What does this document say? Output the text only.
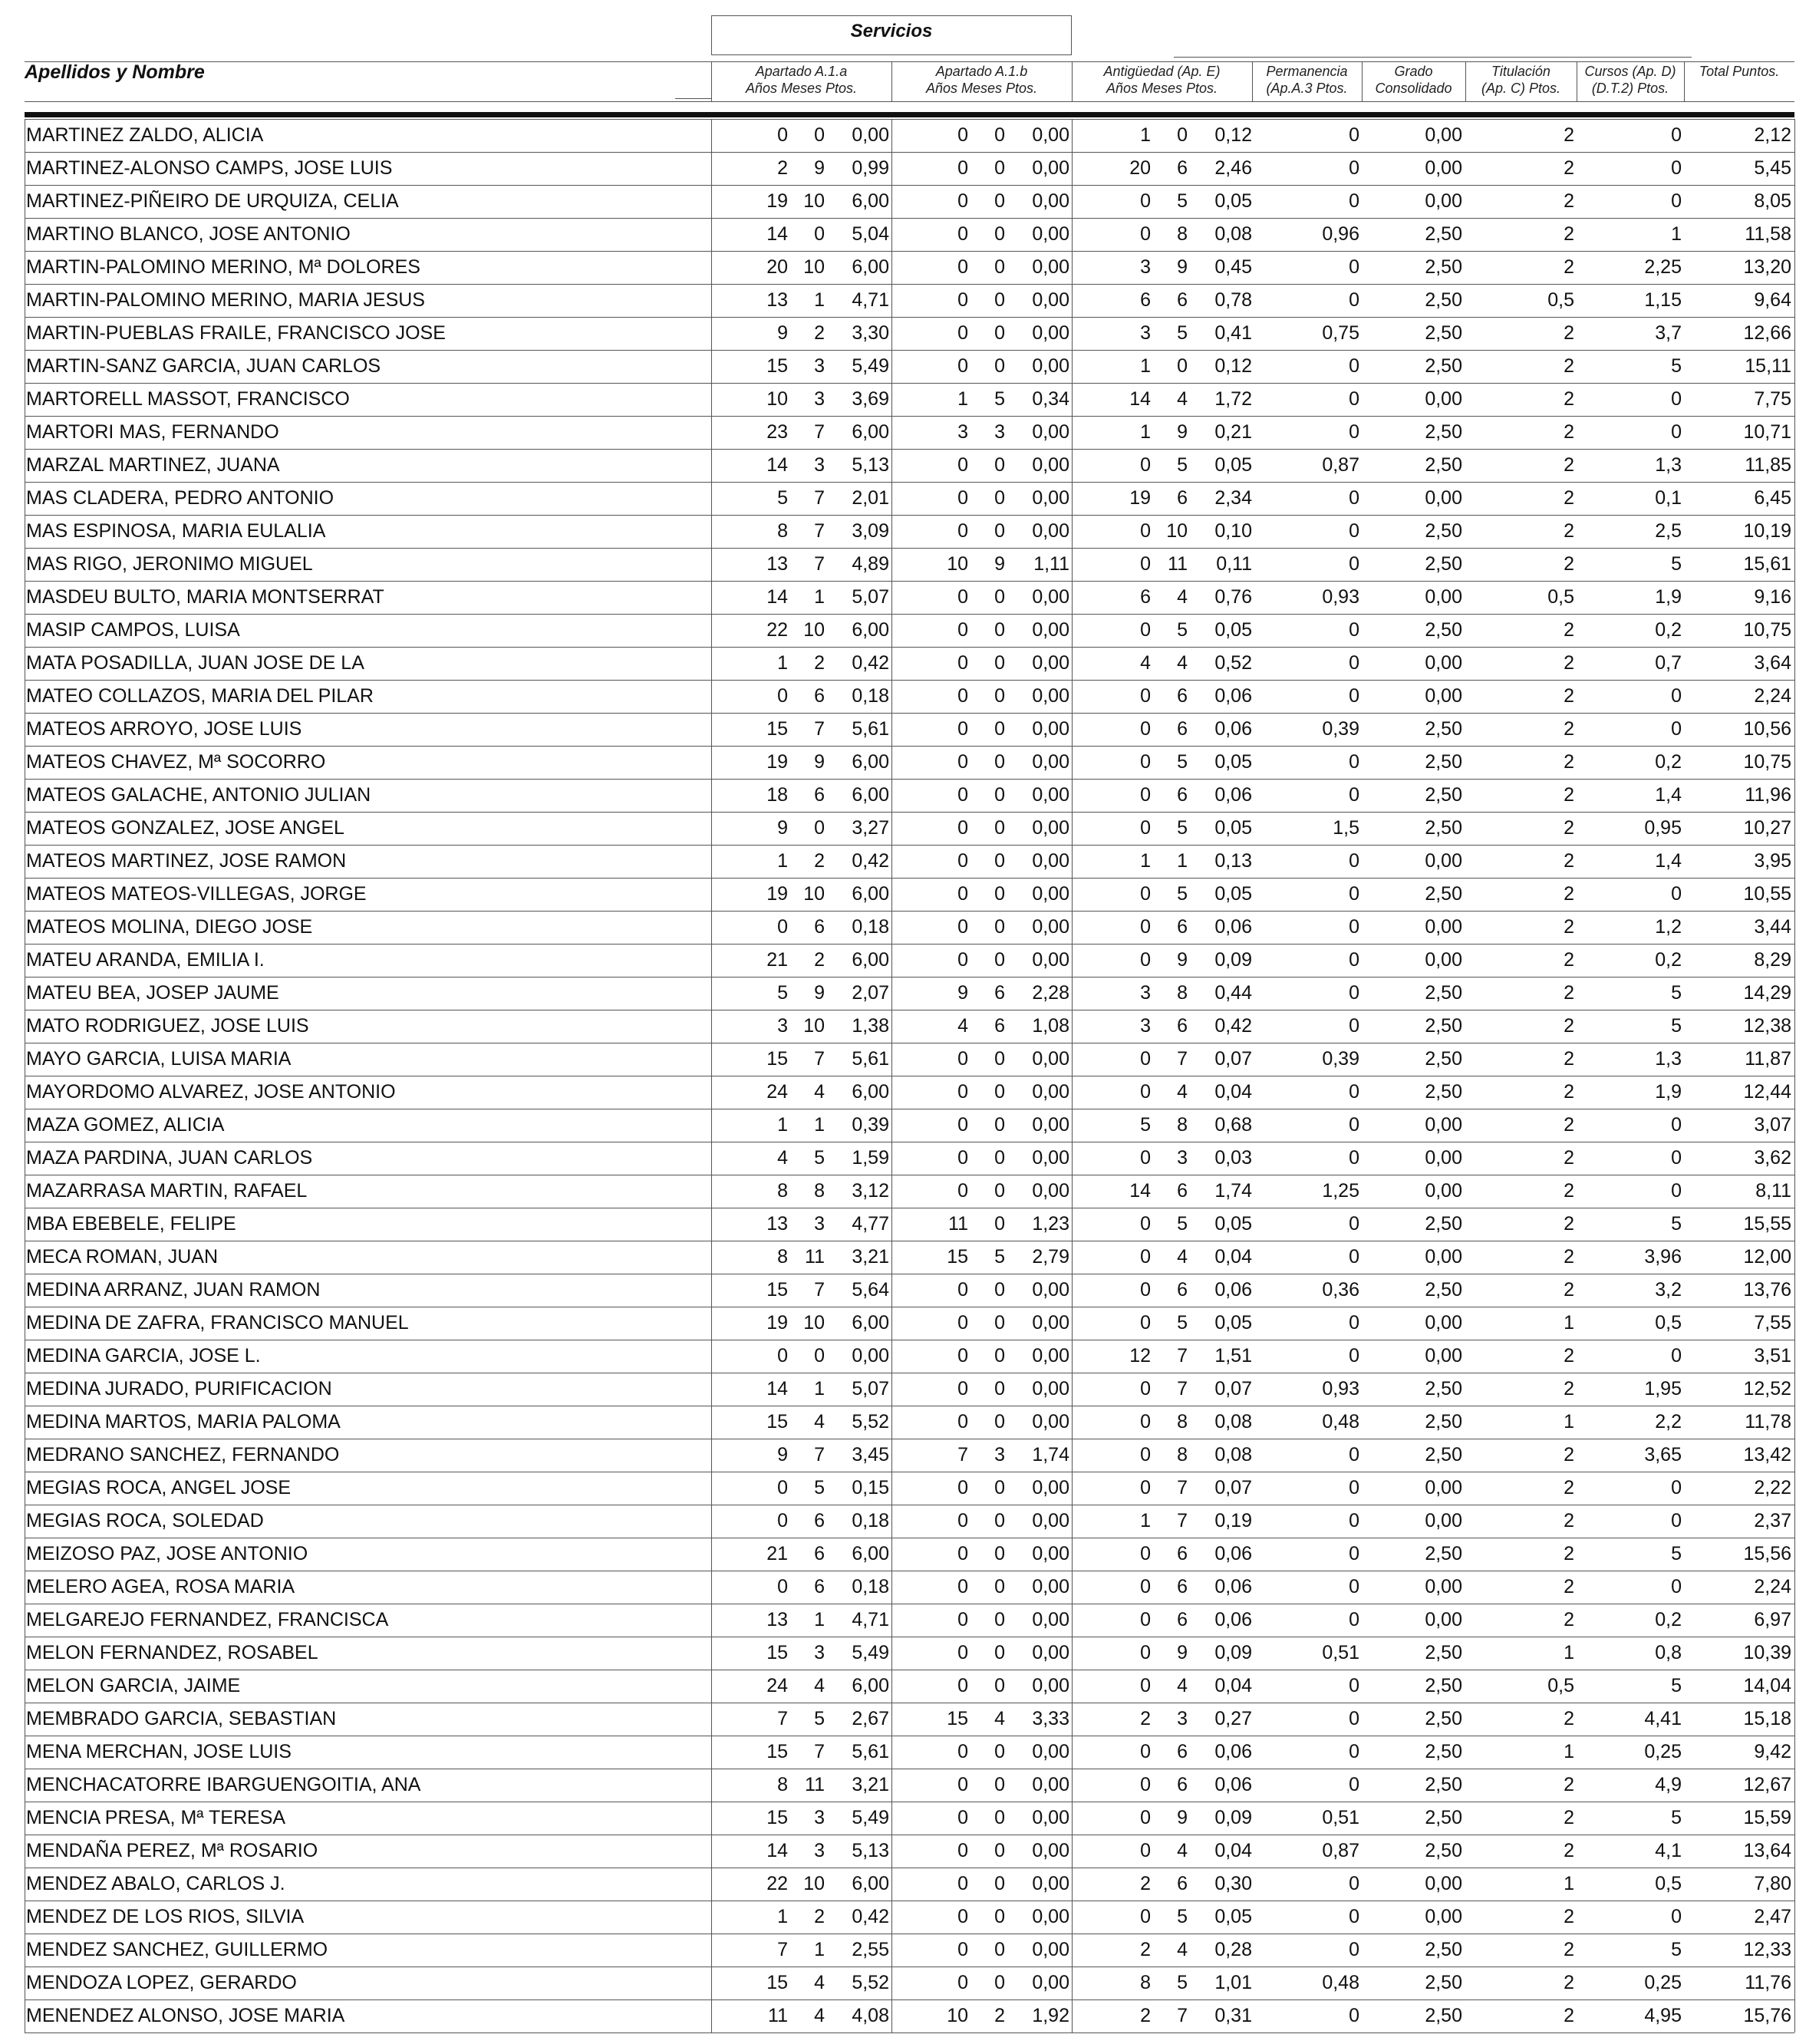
Apellidos y Nombre
Servicios
Apartado A.1.a
Años Meses Ptos.
Apartado A.1.b
Años Meses Ptos.
Antigüedad (Ap. E)
Años Meses Ptos.
Permanencia
(Ap.A.3 Ptos.
Grado
Consolidado
Titulación
(Ap. C) Ptos.
Cursos (Ap. D)
(D.T.2) Ptos.
Total Puntos.

MARTINEZ ZALDO, ALICIA	0	0	0,00	0	0	0,00	1	0	0,12	0	0,00	2	0	2,12
MARTINEZ-ALONSO CAMPS, JOSE LUIS	2	9	0,99	0	0	0,00	20	6	2,46	0	0,00	2	0	5,45
MARTINEZ-PIÑEIRO DE URQUIZA, CELIA	19 10	6,00	0	0	0,00	0	5	0,05	0	0,00	2	0	8,05
MARTINO BLANCO, JOSE ANTONIO	14	0	5,04	0	0	0,00	0	8	0,08	0,96	2,50	2	1	11,58
MARTIN-PALOMINO MERINO, Mª DOLORES	20 10	6,00	0	0	0,00	3	9	0,45	0	2,50	2	2,25	13,20
MARTIN-PALOMINO MERINO, MARIA JESUS	13	1	4,71	0	0	0,00	6	6	0,78	0	2,50	0,5	1,15	9,64
MARTIN-PUEBLAS FRAILE, FRANCISCO JOSE	9	2	3,30	0	0	0,00	3	5	0,41	0,75	2,50	2	3,7	12,66
MARTIN-SANZ GARCIA, JUAN CARLOS	15	3	5,49	0	0	0,00	1	0	0,12	0	2,50	2	5	15,11
MARTORELL MASSOT, FRANCISCO	10	3	3,69	1	5	0,34	14	4	1,72	0	0,00	2	0	7,75
MARTORI MAS, FERNANDO	23	7	6,00	3	3	0,00	1	9	0,21	0	2,50	2	0	10,71
MARZAL MARTINEZ, JUANA	14	3	5,13	0	0	0,00	0	5	0,05	0,87	2,50	2	1,3	11,85
MAS CLADERA, PEDRO ANTONIO	5	7	2,01	0	0	0,00	19	6	2,34	0	0,00	2	0,1	6,45
MAS ESPINOSA, MARIA EULALIA	8	7	3,09	0	0	0,00	0 10	0,10	0	2,50	2	2,5	10,19
MAS RIGO, JERONIMO MIGUEL	13	7	4,89	10	9	1,11	0 11	0,11	0	2,50	2	5	15,61
MASDEU BULTO, MARIA MONTSERRAT	14	1	5,07	0	0	0,00	6	4	0,76	0,93	0,00	0,5	1,9	9,16
MASIP CAMPOS, LUISA	22 10	6,00	0	0	0,00	0	5	0,05	0	2,50	2	0,2	10,75
MATA POSADILLA, JUAN JOSE DE LA	1	2	0,42	0	0	0,00	4	4	0,52	0	0,00	2	0,7	3,64
MATEO COLLAZOS, MARIA DEL PILAR	0	6	0,18	0	0	0,00	0	6	0,06	0	0,00	2	0	2,24
MATEOS ARROYO, JOSE LUIS	15	7	5,61	0	0	0,00	0	6	0,06	0,39	2,50	2	0	10,56
MATEOS CHAVEZ, Mª SOCORRO	19	9	6,00	0	0	0,00	0	5	0,05	0	2,50	2	0,2	10,75
MATEOS GALACHE, ANTONIO JULIAN	18	6	6,00	0	0	0,00	0	6	0,06	0	2,50	2	1,4	11,96
MATEOS GONZALEZ, JOSE ANGEL	9	0	3,27	0	0	0,00	0	5	0,05	1,5	2,50	2	0,95	10,27
MATEOS MARTINEZ, JOSE RAMON	1	2	0,42	0	0	0,00	1	1	0,13	0	0,00	2	1,4	3,95
MATEOS MATEOS-VILLEGAS, JORGE	19 10	6,00	0	0	0,00	0	5	0,05	0	2,50	2	0	10,55
MATEOS MOLINA, DIEGO JOSE	0	6	0,18	0	0	0,00	0	6	0,06	0	0,00	2	1,2	3,44
MATEU ARANDA, EMILIA I.	21	2	6,00	0	0	0,00	0	9	0,09	0	0,00	2	0,2	8,29
MATEU BEA, JOSEP JAUME	5	9	2,07	9	6	2,28	3	8	0,44	0	2,50	2	5	14,29
MATO RODRIGUEZ, JOSE LUIS	3 10	1,38	4	6	1,08	3	6	0,42	0	2,50	2	5	12,38
MAYO GARCIA, LUISA MARIA	15	7	5,61	0	0	0,00	0	7	0,07	0,39	2,50	2	1,3	11,87
MAYORDOMO ALVAREZ, JOSE ANTONIO	24	4	6,00	0	0	0,00	0	4	0,04	0	2,50	2	1,9	12,44
MAZA GOMEZ, ALICIA	1	1	0,39	0	0	0,00	5	8	0,68	0	0,00	2	0	3,07
MAZA PARDINA, JUAN CARLOS	4	5	1,59	0	0	0,00	0	3	0,03	0	0,00	2	0	3,62
MAZARRASA MARTIN, RAFAEL	8	8	3,12	0	0	0,00	14	6	1,74	1,25	0,00	2	0	8,11
MBA EBEBELE, FELIPE	13	3	4,77	11	0	1,23	0	5	0,05	0	2,50	2	5	15,55
MECA ROMAN, JUAN	8 11	3,21	15	5	2,79	0	4	0,04	0	0,00	2	3,96	12,00
MEDINA ARRANZ, JUAN RAMON	15	7	5,64	0	0	0,00	0	6	0,06	0,36	2,50	2	3,2	13,76
MEDINA DE ZAFRA, FRANCISCO MANUEL	19 10	6,00	0	0	0,00	0	5	0,05	0	0,00	1	0,5	7,55
MEDINA GARCIA, JOSE L.	0	0	0,00	0	0	0,00	12	7	1,51	0	0,00	2	0	3,51
MEDINA JURADO, PURIFICACION	14	1	5,07	0	0	0,00	0	7	0,07	0,93	2,50	2	1,95	12,52
MEDINA MARTOS, MARIA PALOMA	15	4	5,52	0	0	0,00	0	8	0,08	0,48	2,50	1	2,2	11,78
MEDRANO SANCHEZ, FERNANDO	9	7	3,45	7	3	1,74	0	8	0,08	0	2,50	2	3,65	13,42
MEGIAS ROCA, ANGEL JOSE	0	5	0,15	0	0	0,00	0	7	0,07	0	0,00	2	0	2,22
MEGIAS ROCA, SOLEDAD	0	6	0,18	0	0	0,00	1	7	0,19	0	0,00	2	0	2,37
MEIZOSO PAZ, JOSE ANTONIO	21	6	6,00	0	0	0,00	0	6	0,06	0	2,50	2	5	15,56
MELERO AGEA, ROSA MARIA	0	6	0,18	0	0	0,00	0	6	0,06	0	0,00	2	0	2,24
MELGAREJO FERNANDEZ, FRANCISCA	13	1	4,71	0	0	0,00	0	6	0,06	0	0,00	2	0,2	6,97
MELON FERNANDEZ, ROSABEL	15	3	5,49	0	0	0,00	0	9	0,09	0,51	2,50	1	0,8	10,39
MELON GARCIA, JAIME	24	4	6,00	0	0	0,00	0	4	0,04	0	2,50	0,5	5	14,04
MEMBRADO GARCIA, SEBASTIAN	7	5	2,67	15	4	3,33	2	3	0,27	0	2,50	2	4,41	15,18
MENA MERCHAN, JOSE LUIS	15	7	5,61	0	0	0,00	0	6	0,06	0	2,50	1	0,25	9,42
MENCHACATORRE IBARGUENGOITIA, ANA	8 11	3,21	0	0	0,00	0	6	0,06	0	2,50	2	4,9	12,67
MENCIA PRESA, Mª TERESA	15	3	5,49	0	0	0,00	0	9	0,09	0,51	2,50	2	5	15,59
MENDAÑA PEREZ, Mª ROSARIO	14	3	5,13	0	0	0,00	0	4	0,04	0,87	2,50	2	4,1	13,64
MENDEZ ABALO, CARLOS J.	22 10	6,00	0	0	0,00	2	6	0,30	0	0,00	1	0,5	7,80
MENDEZ DE LOS RIOS, SILVIA	1	2	0,42	0	0	0,00	0	5	0,05	0	0,00	2	0	2,47
MENDEZ SANCHEZ, GUILLERMO	7	1	2,55	0	0	0,00	2	4	0,28	0	2,50	2	5	12,33
MENDOZA LOPEZ, GERARDO	15	4	5,52	0	0	0,00	8	5	1,01	0,48	2,50	2	0,25	11,76
MENENDEZ ALONSO, JOSE MARIA	11	4	4,08	10	2	1,92	2	7	0,31	0	2,50	2	4,95	15,76
